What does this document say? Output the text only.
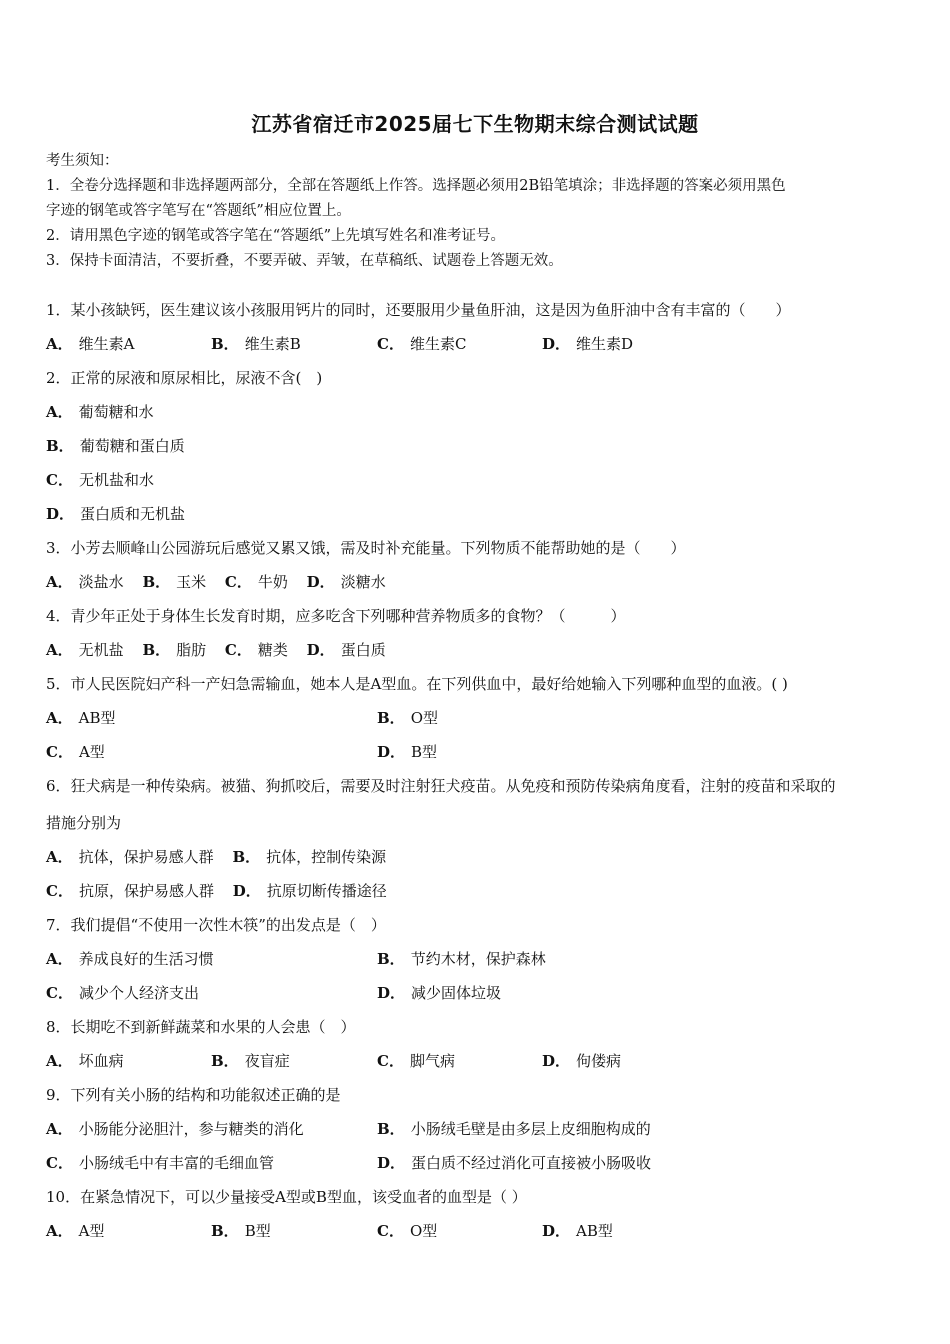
江苏省宿迁市2025届七下生物期末综合测试试题
考生须知：
1．全卷分选择题和非选择题两部分，全部在答题纸上作答。选择题必须用2B铅笔填涂；非选择题的答案必须用黑色
字迹的钢笔或答字笔写在“答题纸”相应位置上。
2．请用黑色字迹的钢笔或答字笔在“答题纸”上先填写姓名和准考证号。
3．保持卡面清洁，不要折叠，不要弄破、弄皱，在草稿纸、试题卷上答题无效。
1．某小孩缺钙，医生建议该小孩服用钙片的同时，还要服用少量鱼肝油，这是因为鱼肝油中含有丰富的（　　）
A． 维生素A	B． 维生素B	C． 维生素C	D． 维生素D
2．正常的尿液和原尿相比，尿液不含(　)
A． 葡萄糖和水
B． 葡萄糖和蛋白质
C． 无机盐和水
D． 蛋白质和无机盐
3．小芳去顺峰山公园游玩后感觉又累又饿，需及时补充能量。下列物质不能帮助她的是（　　）
A． 淡盐水 B． 玉米 C． 牛奶 D． 淡糖水
4．青少年正处于身体生长发育时期，应多吃含下列哪种营养物质多的食物？（　　　）
A． 无机盐 B． 脂肪 C． 糖类 D． 蛋白质
5．市人民医院妇产科一产妇急需输血，她本人是A型血。在下列供血中，最好给她输入下列哪种血型的血液。( )
A． AB型	B． O型
C． A型	D． B型
6．狂犬病是一种传染病。被猫、狗抓咬后，需要及时注射狂犬疫苗。从免疫和预防传染病角度看，注射的疫苗和采取的
措施分别为
A． 抗体，保护易感人群 B． 抗体，控制传染源
C． 抗原，保护易感人群 D． 抗原切断传播途径
7．我们提倡“不使用一次性木筷”的出发点是（　）
A． 养成良好的生活习惯	B． 节约木材，保护森林
C． 减少个人经济支出	D． 减少固体垃圾
8．长期吃不到新鲜蔬菜和水果的人会患（　）
A． 坏血病	B． 夜盲症	C． 脚气病	D． 佝偻病
9．下列有关小肠的结构和功能叙述正确的是
A． 小肠能分泌胆汁，参与糖类的消化	B． 小肠绒毛壁是由多层上皮细胞构成的
C． 小肠绒毛中有丰富的毛细血管	D． 蛋白质不经过消化可直接被小肠吸收
10．在紧急情况下，可以少量接受A型或B型血，该受血者的血型是（ ）
A． A型	B． B型	C． O型	D． AB型
